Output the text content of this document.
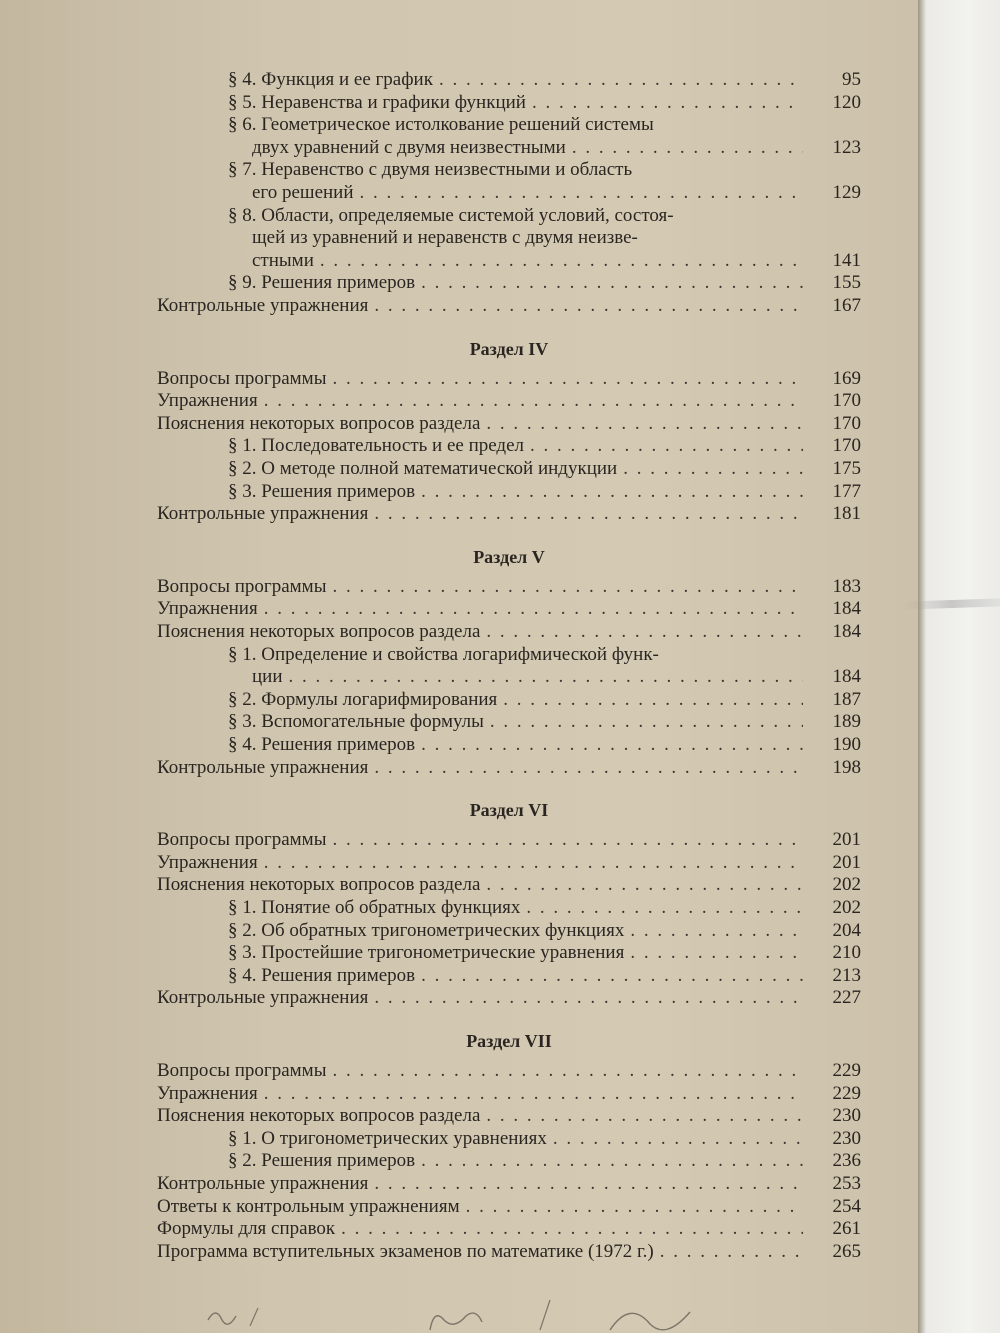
§ 4. Функция и ее график . . .	95
§ 5. Неравенства и графики функций . . .	120
§ 6. Геометрическое истолкование решений системы
двух уравнений с двумя неизвестными . . .	123
§ 7. Неравенство с двумя неизвестными и область
его решений . . .	129
§ 8. Области, определяемые системой условий, состоя-
щей из уравнений и неравенств с двумя неизве-
стными . . .	141
§ 9. Решения примеров . . .	155
Контрольные упражнения . . .	167
Раздел IV
Вопросы программы . . .	169
Упражнения . . .	170
Пояснения некоторых вопросов раздела . . .	170
§ 1. Последовательность и ее предел . . .	170
§ 2. О методе полной математической индукции . . .	175
§ 3. Решения примеров . . .	177
Контрольные упражнения . . .	181
Раздел V
Вопросы программы . . .	183
Упражнения . . .	184
Пояснения некоторых вопросов раздела . . .	184
§ 1. Определение и свойства логарифмической функ-
ции . . .	184
§ 2. Формулы логарифмирования . . .	187
§ 3. Вспомогательные формулы . . .	189
§ 4. Решения примеров . . .	190
Контрольные упражнения . . .	198
Раздел VI
Вопросы программы . . .	201
Упражнения . . .	201
Пояснения некоторых вопросов раздела . . .	202
§ 1. Понятие об обратных функциях . . .	202
§ 2. Об обратных тригонометрических функциях . . .	204
§ 3. Простейшие тригонометрические уравнения . . .	210
§ 4. Решения примеров . . .	213
Контрольные упражнения . . .	227
Раздел VII
Вопросы программы . . .	229
Упражнения . . .	229
Пояснения некоторых вопросов раздела . . .	230
§ 1. О тригонометрических уравнениях . . .	230
§ 2. Решения примеров . . .	236
Контрольные упражнения . . .	253
Ответы к контрольным упражнениям . . .	254
Формулы для справок . . .	261
Программа вступительных экзаменов по математике (1972 г.) . . .	265
